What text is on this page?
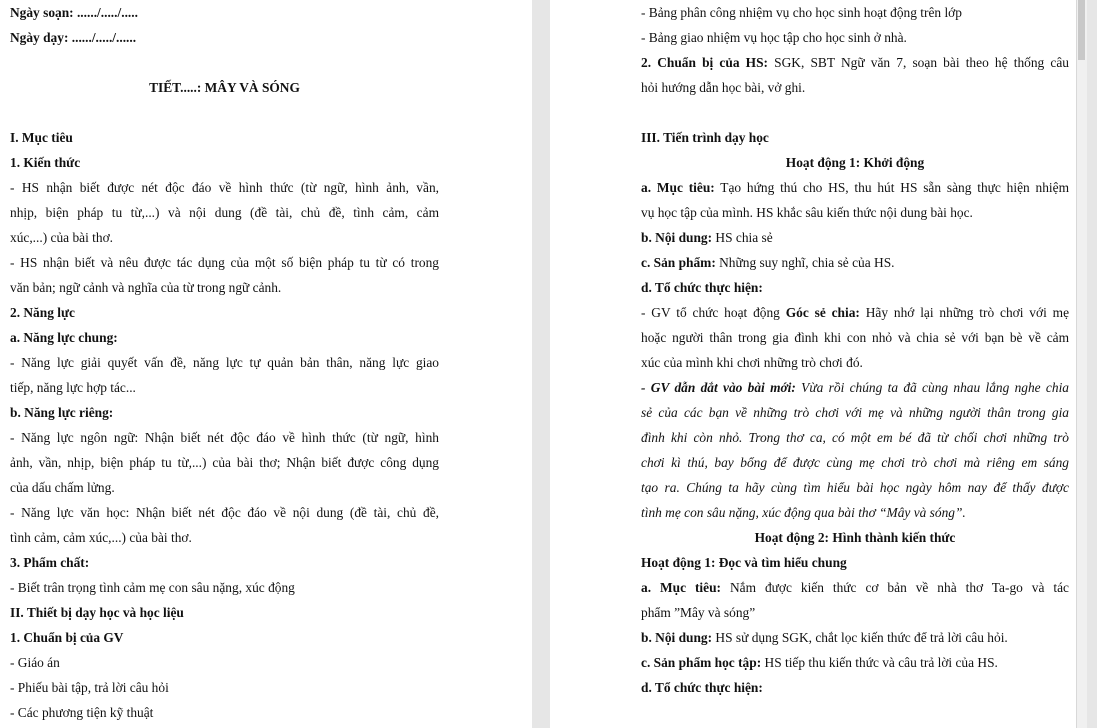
Ngày soạn: ....../...../.....
Ngày dạy: ....../...../......
TIẾT.....: MÂY VÀ SÓNG
I. Mục tiêu
1. Kiến thức
- HS nhận biết được nét độc đáo về hình thức (từ ngữ, hình ảnh, vần,
nhịp, biện pháp tu từ,...) và nội dung (đề tài, chủ đề, tình cảm, cảm
xúc,...) của bài thơ.
- HS nhận biết và nêu được tác dụng của một số biện pháp tu từ có trong
văn bản; ngữ cảnh và nghĩa của từ trong ngữ cảnh.
2. Năng lực
a. Năng lực chung:
- Năng lực giải quyết vấn đề, năng lực tự quản bản thân, năng lực giao
tiếp, năng lực hợp tác...
b. Năng lực riêng:
- Năng lực ngôn ngữ: Nhận biết nét độc đáo về hình thức (từ ngữ, hình
ảnh, vần, nhịp, biện pháp tu từ,...) của bài thơ; Nhận biết được công dụng
của dấu chấm lửng.
- Năng lực văn học: Nhận biết nét độc đáo về nội dung (đề tài, chủ đề,
tình cảm, cảm xúc,...) của bài thơ.
3. Phẩm chất:
- Biết trân trọng tình cảm mẹ con sâu nặng, xúc động
II. Thiết bị dạy học và học liệu
1. Chuẩn bị của GV
- Giáo án
- Phiếu bài tập, trả lời câu hỏi
- Các phương tiện kỹ thuật
- Bảng phân công nhiệm vụ cho học sinh hoạt động trên lớp
- Bảng giao nhiệm vụ học tập cho học sinh ở nhà.
2. Chuẩn bị của HS: SGK, SBT Ngữ văn 7, soạn bài theo hệ thống câu
hỏi hướng dẫn học bài, vở ghi.
III. Tiến trình dạy học
Hoạt động 1: Khởi động
a. Mục tiêu: Tạo hứng thú cho HS, thu hút HS sẵn sàng thực hiện nhiệm
vụ học tập của mình. HS khắc sâu kiến thức nội dung bài học.
b. Nội dung: HS chia sẻ
c. Sản phẩm: Những suy nghĩ, chia sẻ của HS.
d. Tổ chức thực hiện:
- GV tổ chức hoạt động Góc sẻ chia: Hãy nhớ lại những trò chơi với mẹ
hoặc người thân trong gia đình khi con nhỏ và chia sẻ với bạn bè về cảm
xúc của mình khi chơi những trò chơi đó.
- GV dẫn dắt vào bài mới: Vừa rồi chúng ta đã cùng nhau lắng nghe chia
sẻ của các bạn về những trò chơi với mẹ và những người thân trong gia
đình khi còn nhỏ. Trong thơ ca, có một em bé đã từ chối chơi những trò
chơi kì thú, bay bổng để được cùng mẹ chơi trò chơi mà riêng em sáng
tạo ra. Chúng ta hãy cùng tìm hiểu bài học ngày hôm nay để thấy được
tình mẹ con sâu nặng, xúc động qua bài thơ “Mây và sóng”.
Hoạt động 2: Hình thành kiến thức
Hoạt động 1: Đọc và tìm hiểu chung
a. Mục tiêu: Nắm được kiến thức cơ bản về nhà thơ Ta-go và tác
phẩm ”Mây và sóng”
b. Nội dung: HS sử dụng SGK, chắt lọc kiến thức để trả lời câu hỏi.
c. Sản phẩm học tập: HS tiếp thu kiến thức và câu trả lời của HS.
d. Tổ chức thực hiện:
